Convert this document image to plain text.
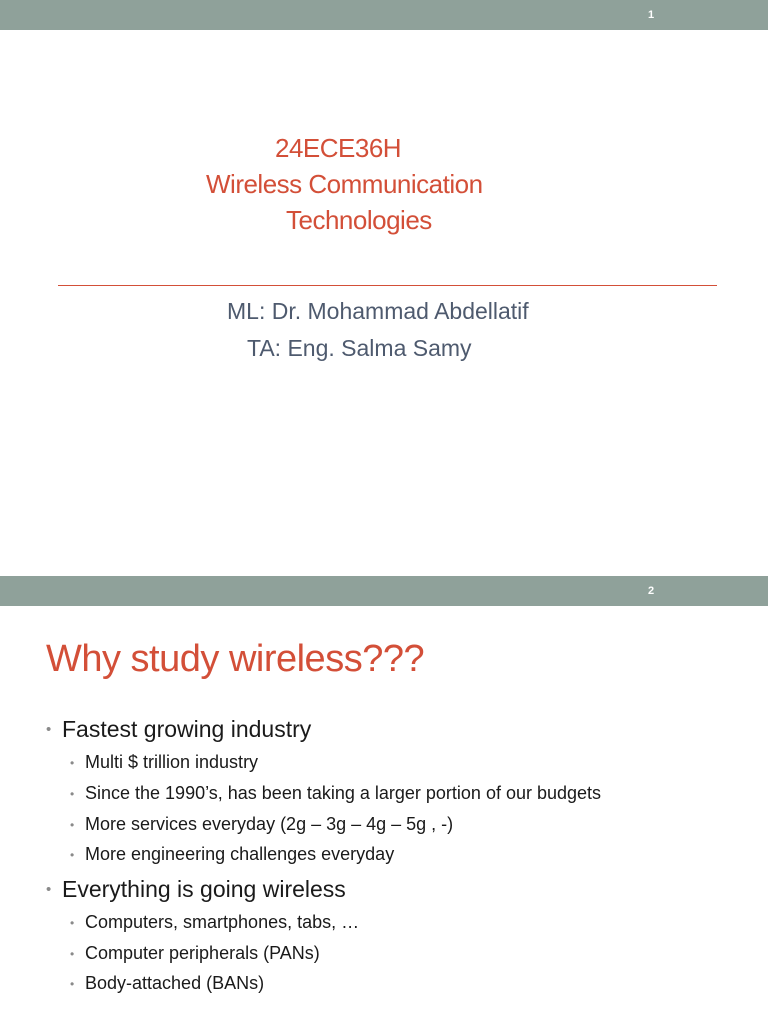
1
24ECE36H
Wireless Communication
Technologies
ML: Dr. Mohammad Abdellatif
TA: Eng. Salma Samy
2
Why study wireless???
• Fastest growing industry
• Multi $ trillion industry
• Since the 1990’s, has been taking a larger portion of our budgets
• More services everyday (2g – 3g – 4g – 5g , -)
• More engineering challenges everyday
• Everything is going wireless
• Computers, smartphones, tabs, …
• Computer peripherals (PANs)
• Body-attached (BANs)
